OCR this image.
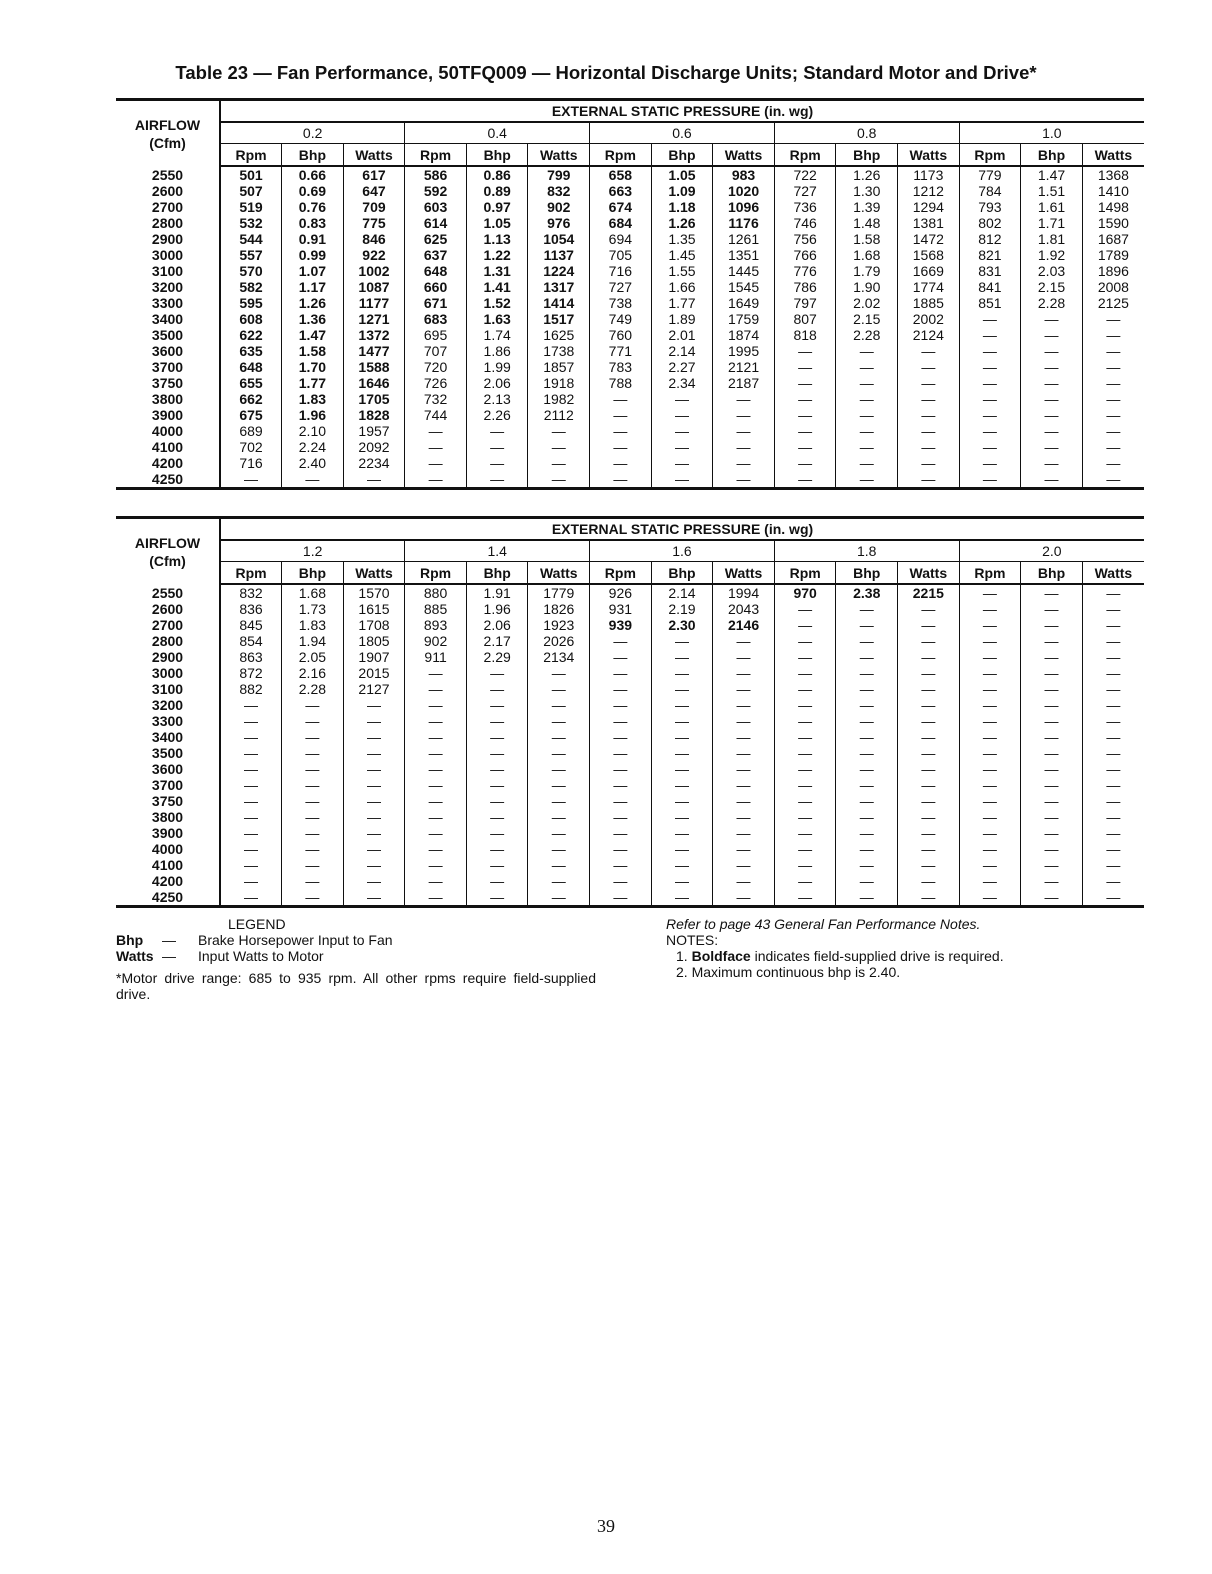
Table 23 — Fan Performance, 50TFQ009 — Horizontal Discharge Units; Standard Motor and Drive*
AIRFLOW
(Cfm)	EXTERNAL STATIC PRESSURE (in. wg)														
	0.2			0.4			0.6			0.8			1.0		
	Rpm	Bhp	Watts	Rpm	Bhp	Watts	Rpm	Bhp	Watts	Rpm	Bhp	Watts	Rpm	Bhp	Watts
2550	501	0.66	617	586	0.86	799	658	1.05	983	722	1.26	1173	779	1.47	1368
2600	507	0.69	647	592	0.89	832	663	1.09	1020	727	1.30	1212	784	1.51	1410
2700	519	0.76	709	603	0.97	902	674	1.18	1096	736	1.39	1294	793	1.61	1498
2800	532	0.83	775	614	1.05	976	684	1.26	1176	746	1.48	1381	802	1.71	1590
2900	544	0.91	846	625	1.13	1054	694	1.35	1261	756	1.58	1472	812	1.81	1687
3000	557	0.99	922	637	1.22	1137	705	1.45	1351	766	1.68	1568	821	1.92	1789
3100	570	1.07	1002	648	1.31	1224	716	1.55	1445	776	1.79	1669	831	2.03	1896
3200	582	1.17	1087	660	1.41	1317	727	1.66	1545	786	1.90	1774	841	2.15	2008
3300	595	1.26	1177	671	1.52	1414	738	1.77	1649	797	2.02	1885	851	2.28	2125
3400	608	1.36	1271	683	1.63	1517	749	1.89	1759	807	2.15	2002	—	—	—
3500	622	1.47	1372	695	1.74	1625	760	2.01	1874	818	2.28	2124	—	—	—
3600	635	1.58	1477	707	1.86	1738	771	2.14	1995	—	—	—	—	—	—
3700	648	1.70	1588	720	1.99	1857	783	2.27	2121	—	—	—	—	—	—
3750	655	1.77	1646	726	2.06	1918	788	2.34	2187	—	—	—	—	—	—
3800	662	1.83	1705	732	2.13	1982	—	—	—	—	—	—	—	—	—
3900	675	1.96	1828	744	2.26	2112	—	—	—	—	—	—	—	—	—
4000	689	2.10	1957	—	—	—	—	—	—	—	—	—	—	—	—
4100	702	2.24	2092	—	—	—	—	—	—	—	—	—	—	—	—
4200	716	2.40	2234	—	—	—	—	—	—	—	—	—	—	—	—
4250	—	—	—	—	—	—	—	—	—	—	—	—	—	—	—
AIRFLOW
(Cfm)	EXTERNAL STATIC PRESSURE (in. wg)														
	1.2			1.4			1.6			1.8			2.0		
	Rpm	Bhp	Watts	Rpm	Bhp	Watts	Rpm	Bhp	Watts	Rpm	Bhp	Watts	Rpm	Bhp	Watts
2550	832	1.68	1570	880	1.91	1779	926	2.14	1994	970	2.38	2215	—	—	—
2600	836	1.73	1615	885	1.96	1826	931	2.19	2043	—	—	—	—	—	—
2700	845	1.83	1708	893	2.06	1923	939	2.30	2146	—	—	—	—	—	—
2800	854	1.94	1805	902	2.17	2026	—	—	—	—	—	—	—	—	—
2900	863	2.05	1907	911	2.29	2134	—	—	—	—	—	—	—	—	—
3000	872	2.16	2015	—	—	—	—	—	—	—	—	—	—	—	—
3100	882	2.28	2127	—	—	—	—	—	—	—	—	—	—	—	—
3200	—	—	—	—	—	—	—	—	—	—	—	—	—	—	—
3300	—	—	—	—	—	—	—	—	—	—	—	—	—	—	—
3400	—	—	—	—	—	—	—	—	—	—	—	—	—	—	—
3500	—	—	—	—	—	—	—	—	—	—	—	—	—	—	—
3600	—	—	—	—	—	—	—	—	—	—	—	—	—	—	—
3700	—	—	—	—	—	—	—	—	—	—	—	—	—	—	—
3750	—	—	—	—	—	—	—	—	—	—	—	—	—	—	—
3800	—	—	—	—	—	—	—	—	—	—	—	—	—	—	—
3900	—	—	—	—	—	—	—	—	—	—	—	—	—	—	—
4000	—	—	—	—	—	—	—	—	—	—	—	—	—	—	—
4100	—	—	—	—	—	—	—	—	—	—	—	—	—	—	—
4200	—	—	—	—	—	—	—	—	—	—	—	—	—	—	—
4250	—	—	—	—	—	—	—	—	—	—	—	—	—	—	—
LEGEND
Bhp	—	Brake Horsepower Input to Fan
Watts —	Input Watts to Motor
*Motor drive range: 685 to 935 rpm. All other rpms require field-supplied drive.
Refer to page 43 General Fan Performance Notes.
NOTES:
1. Boldface indicates field-supplied drive is required.
2. Maximum continuous bhp is 2.40.
39
